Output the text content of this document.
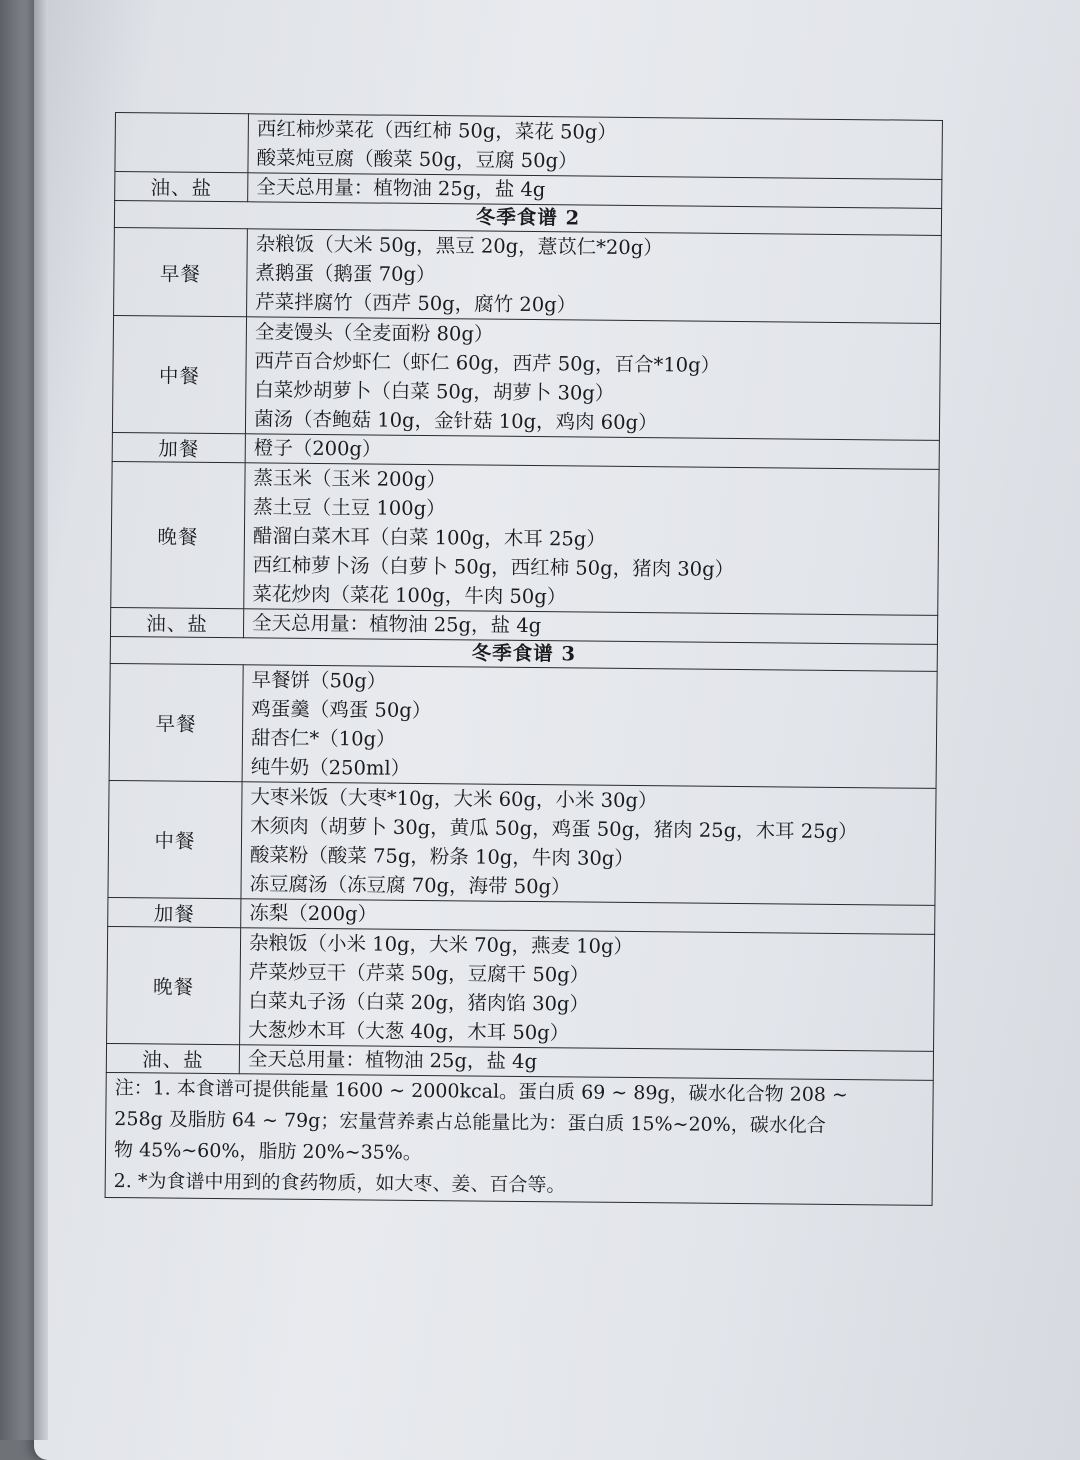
	西红柿炒菜花（西红柿 50g，菜花 50g）
酸菜炖豆腐（酸菜 50g，豆腐 50g）

油、盐	全天总用量：植物油 25g，盐 4g

冬季食谱 2	
早餐	杂粮饭（大米 50g，黑豆 20g，薏苡仁*20g）
煮鹅蛋（鹅蛋 70g）
芹菜拌腐竹（西芹 50g，腐竹 20g）

中餐	全麦馒头（全麦面粉 80g）
西芹百合炒虾仁（虾仁 60g，西芹 50g，百合*10g）
白菜炒胡萝卜（白菜 50g，胡萝卜 30g）
菌汤（杏鲍菇 10g，金针菇 10g，鸡肉 60g）

加餐	橙子（200g）

晚餐	蒸玉米（玉米 200g）
蒸土豆（土豆 100g）
醋溜白菜木耳（白菜 100g，木耳 25g）
西红柿萝卜汤（白萝卜 50g，西红柿 50g，猪肉 30g）
菜花炒肉（菜花 100g，牛肉 50g）

油、盐	全天总用量：植物油 25g，盐 4g

冬季食谱 3	
早餐	早餐饼（50g）
鸡蛋羹（鸡蛋 50g）
甜杏仁*（10g）
纯牛奶（250ml）

中餐	大枣米饭（大枣*10g，大米 60g，小米 30g）
木须肉（胡萝卜 30g，黄瓜 50g，鸡蛋 50g，猪肉 25g，木耳 25g）
酸菜粉（酸菜 75g，粉条 10g，牛肉 30g）
冻豆腐汤（冻豆腐 70g，海带 50g）

加餐	冻梨（200g）

晚餐	杂粮饭（小米 10g，大米 70g，燕麦 10g）
芹菜炒豆干（芹菜 50g，豆腐干 50g）
白菜丸子汤（白菜 20g，猪肉馅 30g）
大葱炒木耳（大葱 40g，木耳 50g）

油、盐	全天总用量：植物油 25g，盐 4g

注：1. 本食谱可提供能量 1600 ~ 2000kcal。蛋白质 69 ~ 89g，碳水化合物 208 ~
258g 及脂肪 64 ~ 79g；宏量营养素占总能量比为：蛋白质 15%~20%，碳水化合
物 45%~60%，脂肪 20%~35%。
2. *为食谱中用到的食药物质，如大枣、姜、百合等。	
